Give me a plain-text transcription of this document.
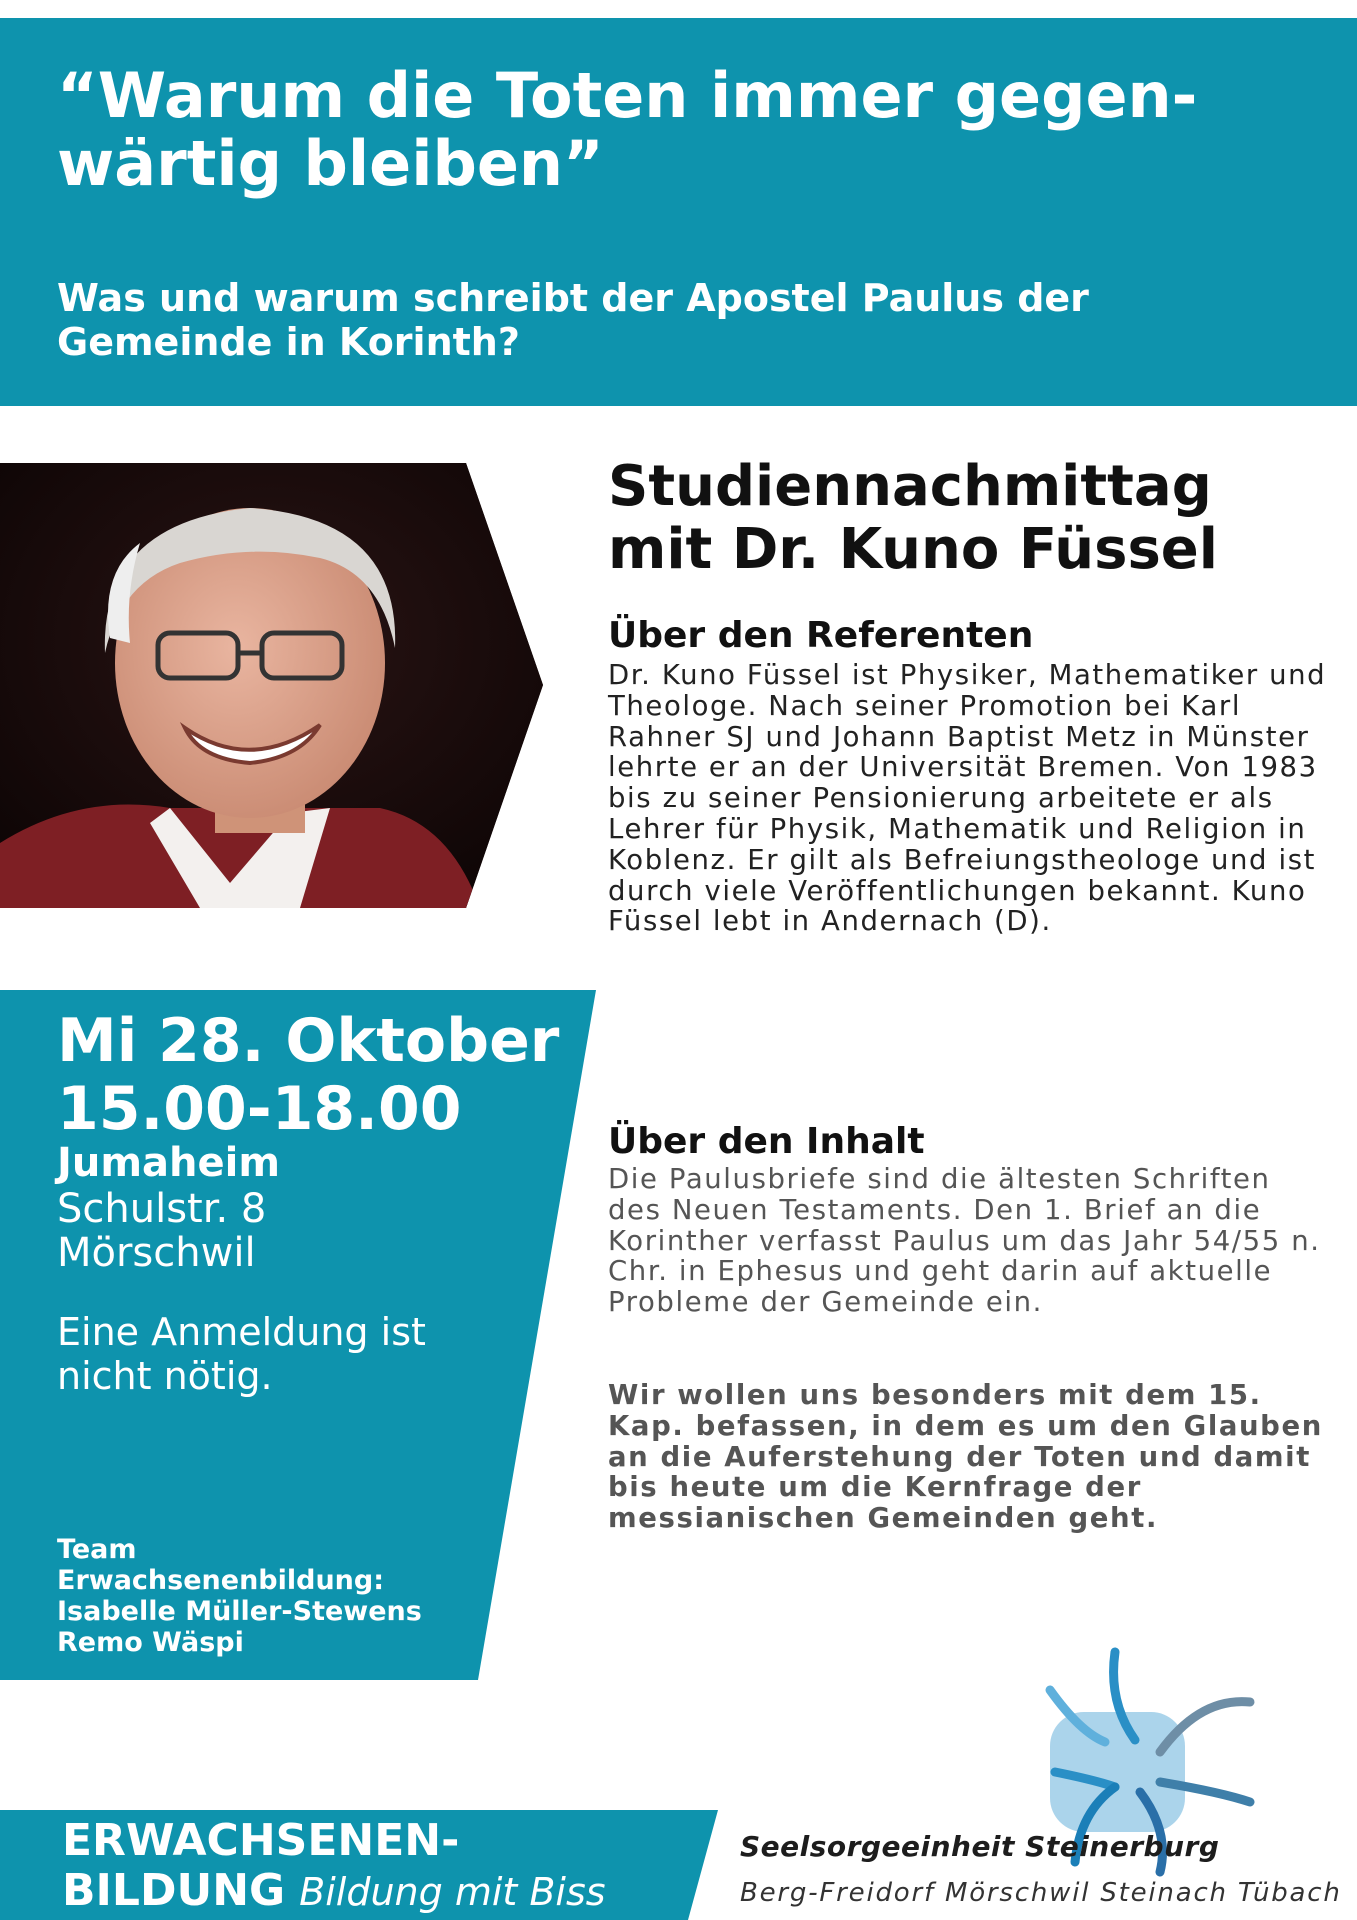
“Warum die Toten immer gegen-
wärtig bleiben”
Was und warum schreibt der Apostel Paulus der
Gemeinde in Korinth?
Mi 28. Oktober
15.00-18.00
Jumaheim
Schulstr. 8
Mörschwil
Eine Anmeldung ist nicht nötig.
Team
Erwachsenenbildung:
Isabelle Müller-Stewens
Remo Wäspi
Studiennachmittag
mit Dr. Kuno Füssel
Über den Referenten

Dr. Kuno Füssel ist Physiker, Mathematiker und Theologe. Nach seiner Promotion bei Karl Rahner SJ und Johann Baptist Metz in Münster lehrte er an der Universität Bremen. Von 1983 bis zu seiner Pensionierung arbeitete er als Lehrer für Physik, Mathematik und Religion in Koblenz. Er gilt als Befreiungstheologe und ist durch viele Veröffentlichungen bekannt. Kuno Füssel lebt in Andernach (D).

Über den Inhalt

Die Paulusbriefe sind die ältesten Schriften des Neuen Testaments. Den 1. Brief an die Korinther verfasst Paulus um das Jahr 54/55 n. Chr. in Ephesus und geht darin auf aktuelle Probleme der Gemeinde ein.

Wir wollen uns besonders mit dem 15. Kap. befassen, in dem es um den Glauben an die Auferstehung der Toten und damit bis heute um die Kernfrage der messianischen Gemeinden geht.

ERWACHSENEN-
BILDUNG Bildung mit Biss
Seelsorgeeinheit Steinerburg
Berg-Freidorf Mörschwil Steinach Tübach
